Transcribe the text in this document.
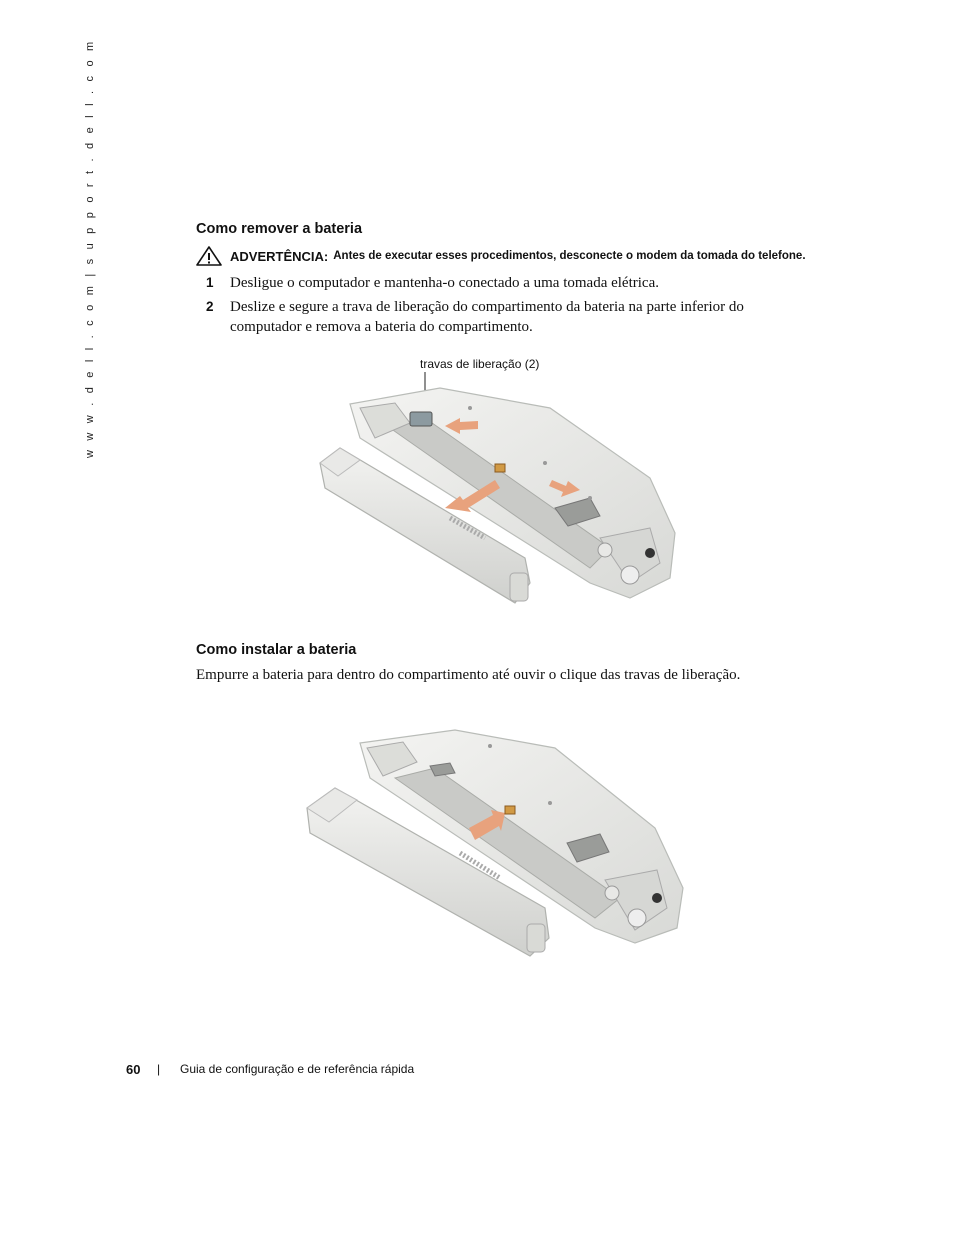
w w w . d e l l . c o m | s u p p o r t . d e l l . c o m	Como remover a bateria
ADVERTÊNCIA: Antes de executar esses procedimentos, desconecte o modem da tomada do telefone.
1 Desligue o computador e mantenha-o conectado a uma tomada elétrica.
2 Deslize e segure a trava de liberação do compartimento da bateria na parte inferior do computador e remova a bateria do compartimento.
travas de liberação (2)
Como instalar a bateria
Empurre a bateria para dentro do compartimento até ouvir o clique das travas de liberação.
60 | Guia de configuração e de referência rápida
